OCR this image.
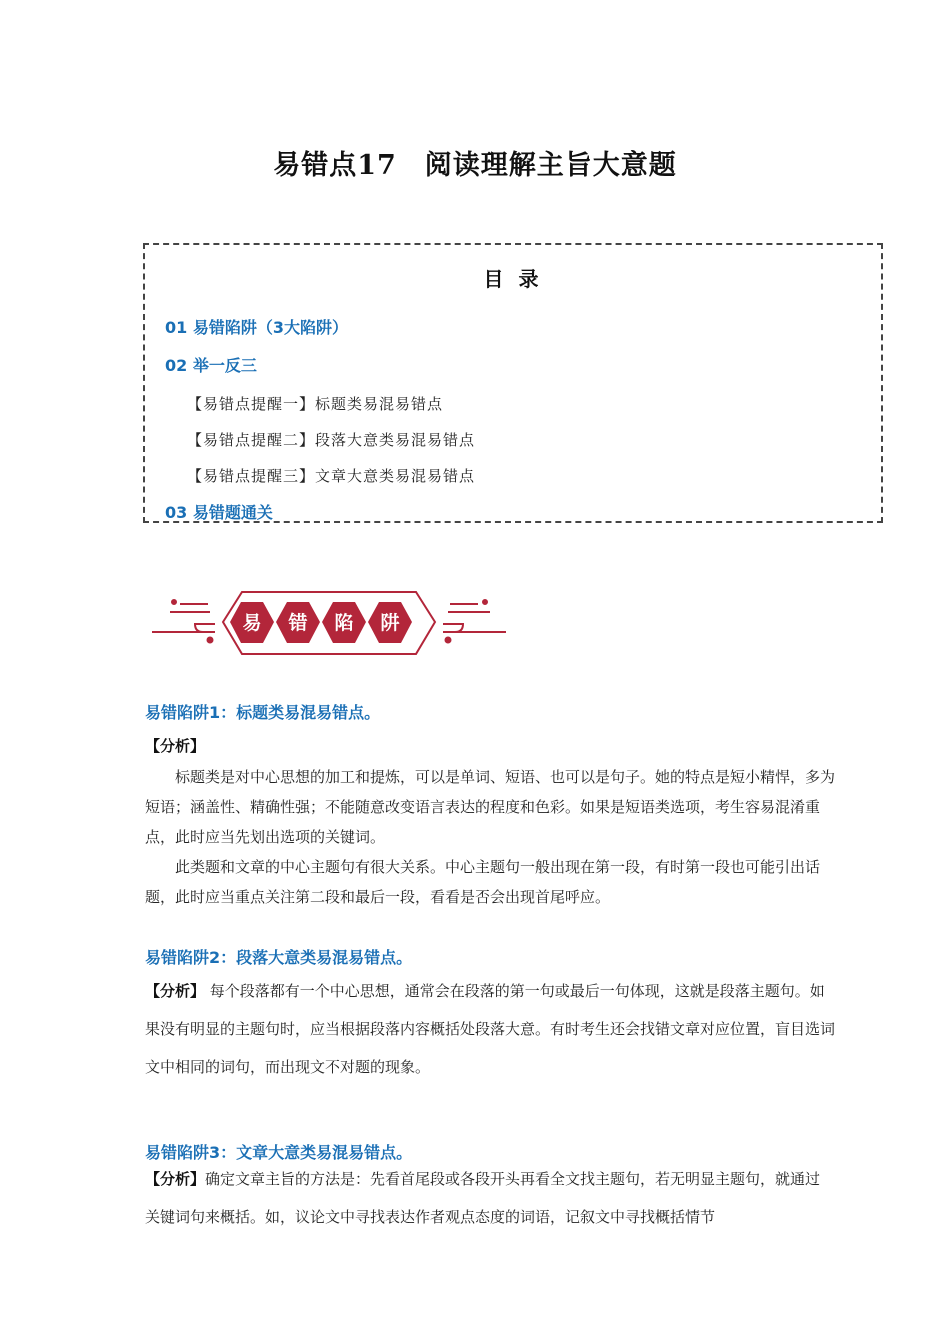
易错点17　阅读理解主旨大意题
目 录
01 易错陷阱（3大陷阱）
02 举一反三
【易错点提醒一】标题类易混易错点
【易错点提醒二】段落大意类易混易错点
【易错点提醒三】文章大意类易混易错点
03 易错题通关
易 错 陷 阱
易错陷阱1：标题类易混易错点。

【分析】

标题类是对中心思想的加工和提炼，可以是单词、短语、也可以是句子。她的特点是短小精悍，多为短语；涵盖性、精确性强；不能随意改变语言表达的程度和色彩。如果是短语类选项，考生容易混淆重点，此时应当先划出选项的关键词。

此类题和文章的中心主题句有很大关系。中心主题句一般出现在第一段，有时第一段也可能引出话题，此时应当重点关注第二段和最后一段，看看是否会出现首尾呼应。

易错陷阱2：段落大意类易混易错点。

【分析】 每个段落都有一个中心思想，通常会在段落的第一句或最后一句体现，这就是段落主题句。如果没有明显的主题句时，应当根据段落内容概括处段落大意。有时考生还会找错文章对应位置，盲目选词文中相同的词句，而出现文不对题的现象。

易错陷阱3：文章大意类易混易错点。

【分析】确定文章主旨的方法是：先看首尾段或各段开头再看全文找主题句，若无明显主题句，就通过关键词句来概括。如，议论文中寻找表达作者观点态度的词语，记叙文中寻找概括情节
